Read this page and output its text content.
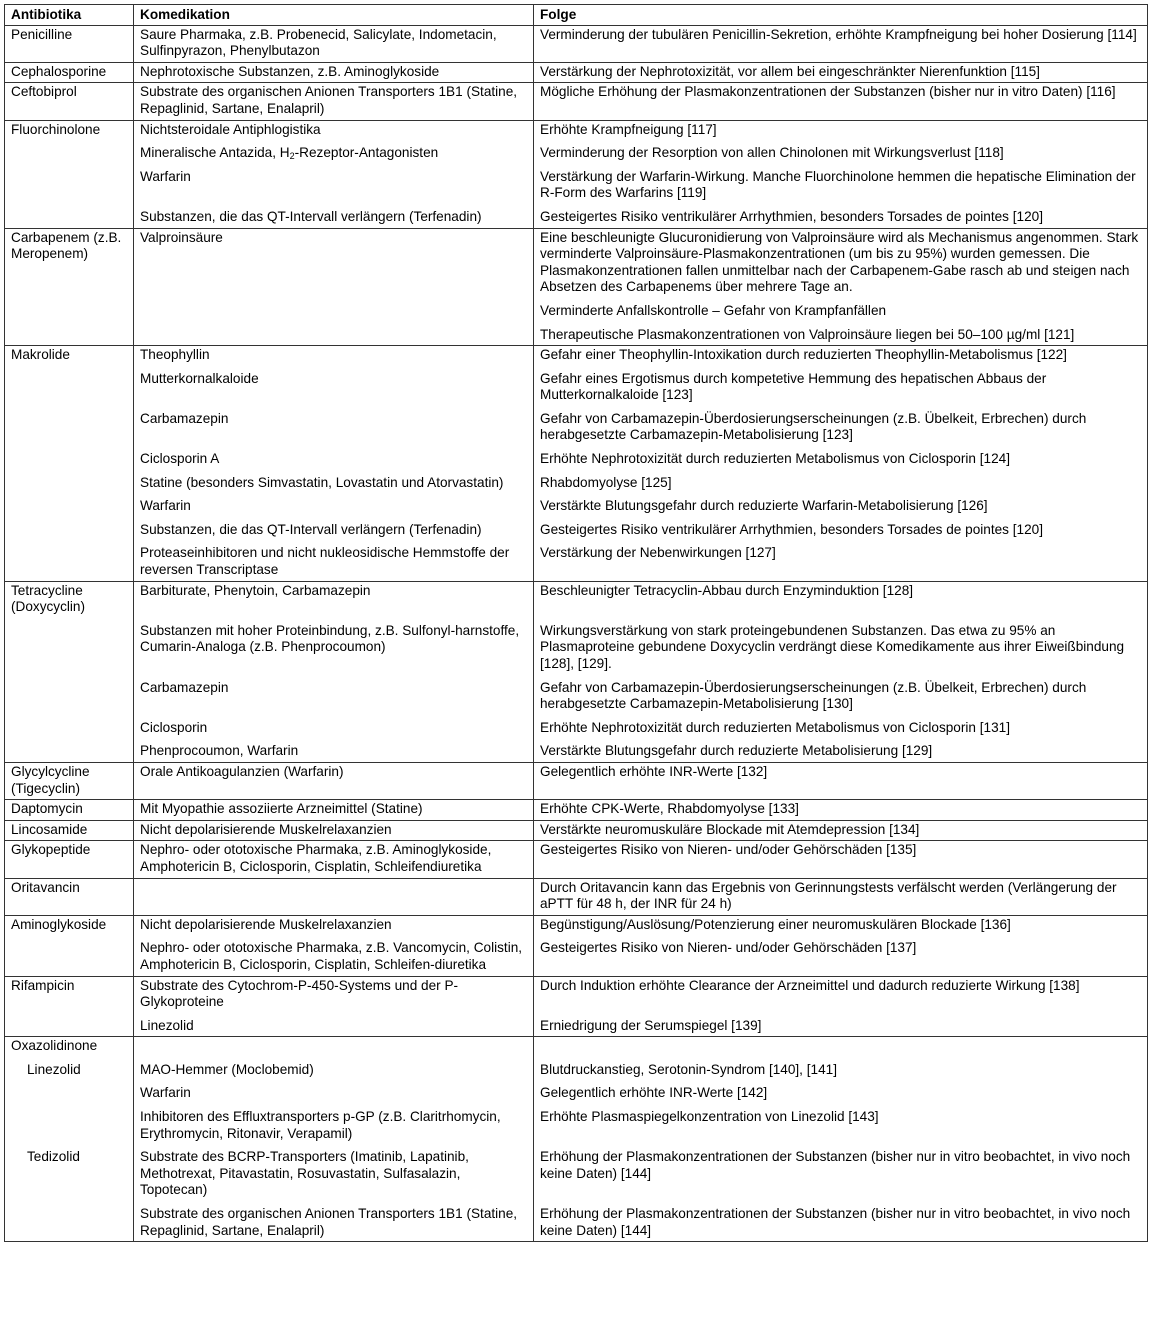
Antibiotika	Komedikation	Folge
Penicilline	Saure Pharmaka, z.B. Probenecid, Salicylate, Indometacin, Sulfinpyrazon, Phenylbutazon	Verminderung der tubulären Penicillin-Sekretion, erhöhte Krampfneigung bei hoher Dosierung [114]
Cephalosporine	Nephrotoxische Substanzen, z.B. Aminoglykoside	Verstärkung der Nephrotoxizität, vor allem bei eingeschränkter Nierenfunktion [115]
Ceftobiprol	Substrate des organischen Anionen Transporters 1B1 (Statine, Repaglinid, Sartane, Enalapril)	Mögliche Erhöhung der Plasmakonzentrationen der Substanzen (bisher nur in vitro Daten) [116]
Fluorchinolone	Nichtsteroidale Antiphlogistika	Erhöhte Krampfneigung [117]
	Mineralische Antazida, $H_2-Rezeptor$-Antagonisten	Verminderung der Resorption von allen Chinolonen mit Wirkungsverlust [118]
	Warfarin	Verstärkung der Warfarin-Wirkung. Manche Fluorchinolone hemmen die hepatische Elimination der R-Form des Warfarins [119]
	Substanzen, die das QT-Intervall verlängern (Terfenadin)	Gesteigertes Risiko ventrikulärer Arrhythmien, besonders Torsades de pointes [120]
Carbapenem (z.B. Meropenem)	Valproinsäure	Eine beschleunigte Glucuronidierung von Valproinsäure wird als Mechanismus angenommen. Stark verminderte Valproinsäure-Plasmakonzentrationen (um bis zu 95%) wurden gemessen. Die Plasmakonzentrationen fallen unmittelbar nach der Carbapenem-Gabe rasch ab und steigen nach Absetzen des Carbapenems über mehrere Tage an.
		Verminderte Anfallskontrolle – Gefahr von Krampfanfällen
		Therapeutische Plasmakonzentrationen von Valproinsäure liegen bei 50–100 µg/ml [121]
Makrolide	Theophyllin	Gefahr einer Theophyllin-Intoxikation durch reduzierten Theophyllin-Metabolismus [122]
	Mutterkornalkaloide	Gefahr eines Ergotismus durch kompetetive Hemmung des hepatischen Abbaus der Mutterkornalkaloide [123]
	Carbamazepin	Gefahr von Carbamazepin-Überdosierungserscheinungen (z.B. Übelkeit, Erbrechen) durch herabgesetzte Carbamazepin-Metabolisierung [123]
	Ciclosporin A	Erhöhte Nephrotoxizität durch reduzierten Metabolismus von Ciclosporin [124]
	Statine (besonders Simvastatin, Lovastatin und Atorvastatin)	Rhabdomyolyse [125]
	Warfarin	Verstärkte Blutungsgefahr durch reduzierte Warfarin-Metabolisierung [126]
	Substanzen, die das QT-Intervall verlängern (Terfenadin)	Gesteigertes Risiko ventrikulärer Arrhythmien, besonders Torsades de pointes [120]
	Proteaseinhibitoren und nicht nukleosidische Hemmstoffe der reversen Transcriptase	Verstärkung der Nebenwirkungen [127]
Tetracycline (Doxycyclin)	Barbiturate, Phenytoin, Carbamazepin	Beschleunigter Tetracyclin-Abbau durch Enzyminduktion [128]
	Substanzen mit hoher Proteinbindung, z.B. Sulfonyl-harnstoffe, Cumarin-Analoga (z.B. Phenprocoumon)	Wirkungsverstärkung von stark proteingebundenen Substanzen. Das etwa zu 95% an Plasmaproteine gebundene Doxycyclin verdrängt diese Komedikamente aus ihrer Eiweißbindung [128], [129].
	Carbamazepin	Gefahr von Carbamazepin-Überdosierungserscheinungen (z.B. Übelkeit, Erbrechen) durch herabgesetzte Carbamazepin-Metabolisierung [130]
	Ciclosporin	Erhöhte Nephrotoxizität durch reduzierten Metabolismus von Ciclosporin [131]
	Phenprocoumon, Warfarin	Verstärkte Blutungsgefahr durch reduzierte Metabolisierung [129]
Glycylcycline (Tigecyclin)	Orale Antikoagulanzien (Warfarin)	Gelegentlich erhöhte INR-Werte [132]
Daptomycin	Mit Myopathie assoziierte Arzneimittel (Statine)	Erhöhte CPK-Werte, Rhabdomyolyse [133]
Lincosamide	Nicht depolarisierende Muskelrelaxanzien	Verstärkte neuromuskuläre Blockade mit Atemdepression [134]
Glykopeptide	Nephro- oder ototoxische Pharmaka, z.B. Aminoglykoside, Amphotericin B, Ciclosporin, Cisplatin, Schleifendiuretika	Gesteigertes Risiko von Nieren- und/oder Gehörschäden [135]
Oritavancin		Durch Oritavancin kann das Ergebnis von Gerinnungstests verfälscht werden (Verlängerung der aPTT für 48 h, der INR für 24 h)
Aminoglykoside	Nicht depolarisierende Muskelrelaxanzien	Begünstigung/Auslösung/Potenzierung einer neuromuskulären Blockade [136]
	Nephro- oder ototoxische Pharmaka, z.B. Vancomycin, Colistin, Amphotericin B, Ciclosporin, Cisplatin, Schleifen-diuretika	Gesteigertes Risiko von Nieren- und/oder Gehörschäden [137]
Rifampicin	Substrate des Cytochrom-P-450-Systems und der P-Glykoproteine	Durch Induktion erhöhte Clearance der Arzneimittel und dadurch reduzierte Wirkung [138]
	Linezolid	Erniedrigung der Serumspiegel [139]
Oxazolidinone		

Linezolid	MAO-Hemmer (Moclobemid)	Blutdruckanstieg, Serotonin-Syndrom [140], [141]
	Warfarin	Gelegentlich erhöhte INR-Werte [142]
	Inhibitoren des Effluxtransporters p-GP (z.B. Claritrhomycin, Erythromycin, Ritonavir, Verapamil)	Erhöhte Plasmaspiegelkonzentration von Linezolid [143]

Tedizolid	Substrate des BCRP-Transporters (Imatinib, Lapatinib, Methotrexat, Pitavastatin, Rosuvastatin, Sulfasalazin, Topotecan)	Erhöhung der Plasmakonzentrationen der Substanzen (bisher nur in vitro beobachtet, in vivo noch keine Daten) [144]
	Substrate des organischen Anionen Transporters 1B1 (Statine, Repaglinid, Sartane, Enalapril)	Erhöhung der Plasmakonzentrationen der Substanzen (bisher nur in vitro beobachtet, in vivo noch keine Daten) [144]
